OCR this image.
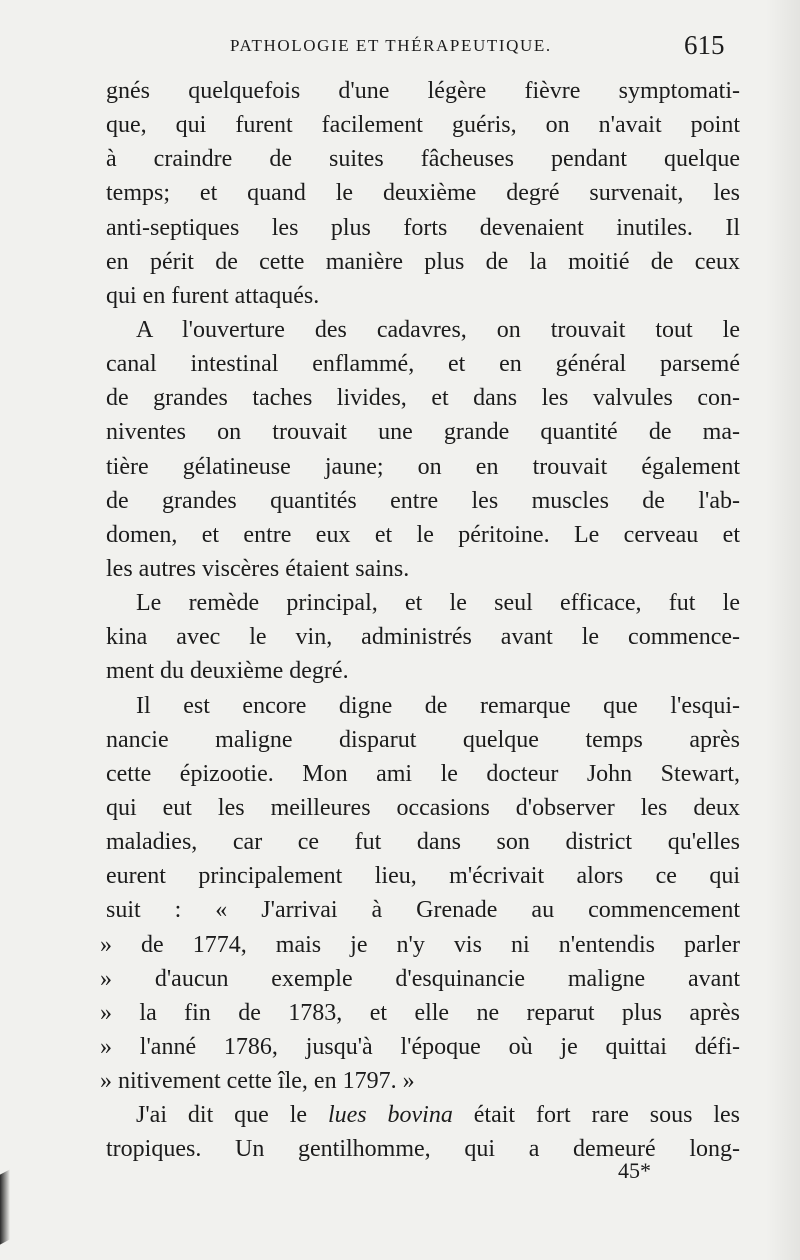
PATHOLOGIE ET THÉRAPEUTIQUE.	615
gnés quelquefois d'une légère fièvre symptomati-
que, qui furent facilement guéris, on n'avait point
à craindre de suites fâcheuses pendant quelque
temps; et quand le deuxième degré survenait, les
anti-septiques les plus forts devenaient inutiles. Il
en périt de cette manière plus de la moitié de ceux
qui en furent attaqués.
A l'ouverture des cadavres, on trouvait tout le
canal intestinal enflammé, et en général parsemé
de grandes taches livides, et dans les valvules con-
niventes on trouvait une grande quantité de ma-
tière gélatineuse jaune; on en trouvait également
de grandes quantités entre les muscles de l'ab-
domen, et entre eux et le péritoine. Le cerveau et
les autres viscères étaient sains.
Le remède principal, et le seul efficace, fut le
kina avec le vin, administrés avant le commence-
ment du deuxième degré.
Il est encore digne de remarque que l'esqui-
nancie maligne disparut quelque temps après
cette épizootie. Mon ami le docteur John Stewart,
qui eut les meilleures occasions d'observer les deux
maladies, car ce fut dans son district qu'elles
eurent principalement lieu, m'écrivait alors ce qui
suit : « J'arrivai à Grenade au commencement
» de 1774, mais je n'y vis ni n'entendis parler
» d'aucun exemple d'esquinancie maligne avant
» la fin de 1783, et elle ne reparut plus après
» l'anné 1786, jusqu'à l'époque où je quittai défi-
» nitivement cette île, en 1797. »
J'ai dit que le lues bovina était fort rare sous les
tropiques. Un gentilhomme, qui a demeuré long-
45*
